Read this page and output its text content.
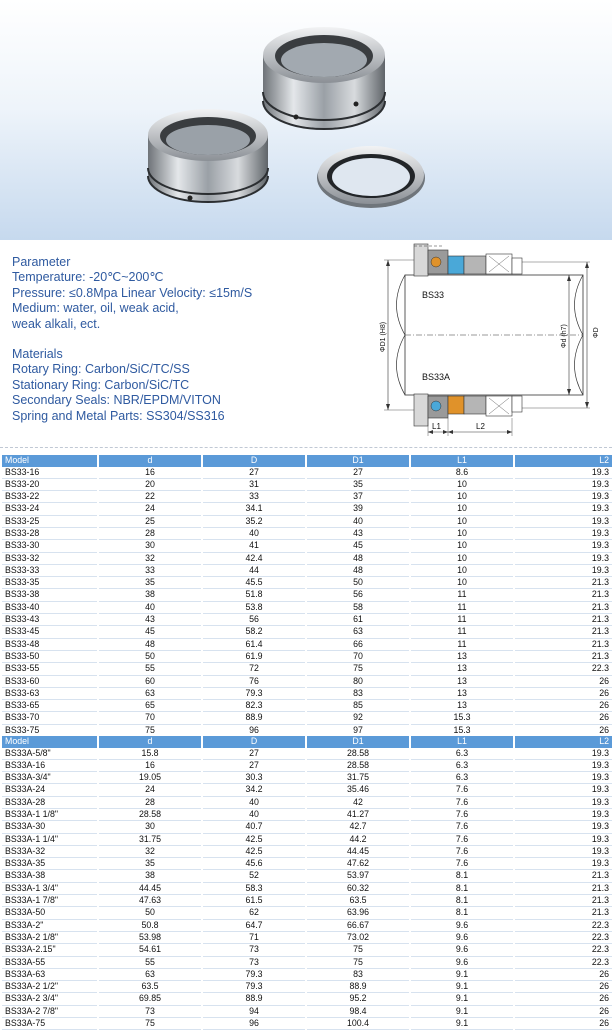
Parameter
Temperature: -20℃~200℃
Pressure: ≤0.8Mpa Linear Velocity: ≤15m/S
Medium: water, oil, weak acid,
weak alkali, ect.
Materials
Rotary Ring: Carbon/SiC/TC/SS
Stationary Ring: Carbon/SiC/TC
Secondary Seals: NBR/EPDM/VITON
Spring and Metal Parts: SS304/SS316
BS33
BS33A
ΦD1 (H8)	Φd (h7)	ΦD
L1	L2
Model	d	D	D1	L1	L2
BS33-16	16	27	27	8.6	19.3
BS33-20	20	31	35	10	19.3
BS33-22	22	33	37	10	19.3
BS33-24	24	34.1	39	10	19.3
BS33-25	25	35.2	40	10	19.3
BS33-28	28	40	43	10	19.3
BS33-30	30	41	45	10	19.3
BS33-32	32	42.4	48	10	19.3
BS33-33	33	44	48	10	19.3
BS33-35	35	45.5	50	10	21.3
BS33-38	38	51.8	56	11	21.3
BS33-40	40	53.8	58	11	21.3
BS33-43	43	56	61	11	21.3
BS33-45	45	58.2	63	11	21.3
BS33-48	48	61.4	66	11	21.3
BS33-50	50	61.9	70	13	21.3
BS33-55	55	72	75	13	22.3
BS33-60	60	76	80	13	26
BS33-63	63	79.3	83	13	26
BS33-65	65	82.3	85	13	26
BS33-70	70	88.9	92	15.3	26
BS33-75	75	96	97	15.3	26
Model	d	D	D1	L1	L2
BS33A-5/8"	15.8	27	28.58	6.3	19.3
BS33A-16	16	27	28.58	6.3	19.3
BS33A-3/4"	19.05	30.3	31.75	6.3	19.3
BS33A-24	24	34.2	35.46	7.6	19.3
BS33A-28	28	40	42	7.6	19.3
BS33A-1 1/8"	28.58	40	41.27	7.6	19.3
BS33A-30	30	40.7	42.7	7.6	19.3
BS33A-1 1/4"	31.75	42.5	44.2	7.6	19.3
BS33A-32	32	42.5	44.45	7.6	19.3
BS33A-35	35	45.6	47.62	7.6	19.3
BS33A-38	38	52	53.97	8.1	21.3
BS33A-1 3/4"	44.45	58.3	60.32	8.1	21.3
BS33A-1 7/8"	47.63	61.5	63.5	8.1	21.3
BS33A-50	50	62	63.96	8.1	21.3
BS33A-2"	50.8	64.7	66.67	9.6	22.3
BS33A-2 1/8"	53.98	71	73.02	9.6	22.3
BS33A-2.15"	54.61	73	75	9.6	22.3
BS33A-55	55	73	75	9.6	22.3
BS33A-63	63	79.3	83	9.1	26
BS33A-2 1/2"	63.5	79.3	88.9	9.1	26
BS33A-2 3/4"	69.85	88.9	95.2	9.1	26
BS33A-2 7/8"	73	94	98.4	9.1	26
BS33A-75	75	96	100.4	9.1	26
